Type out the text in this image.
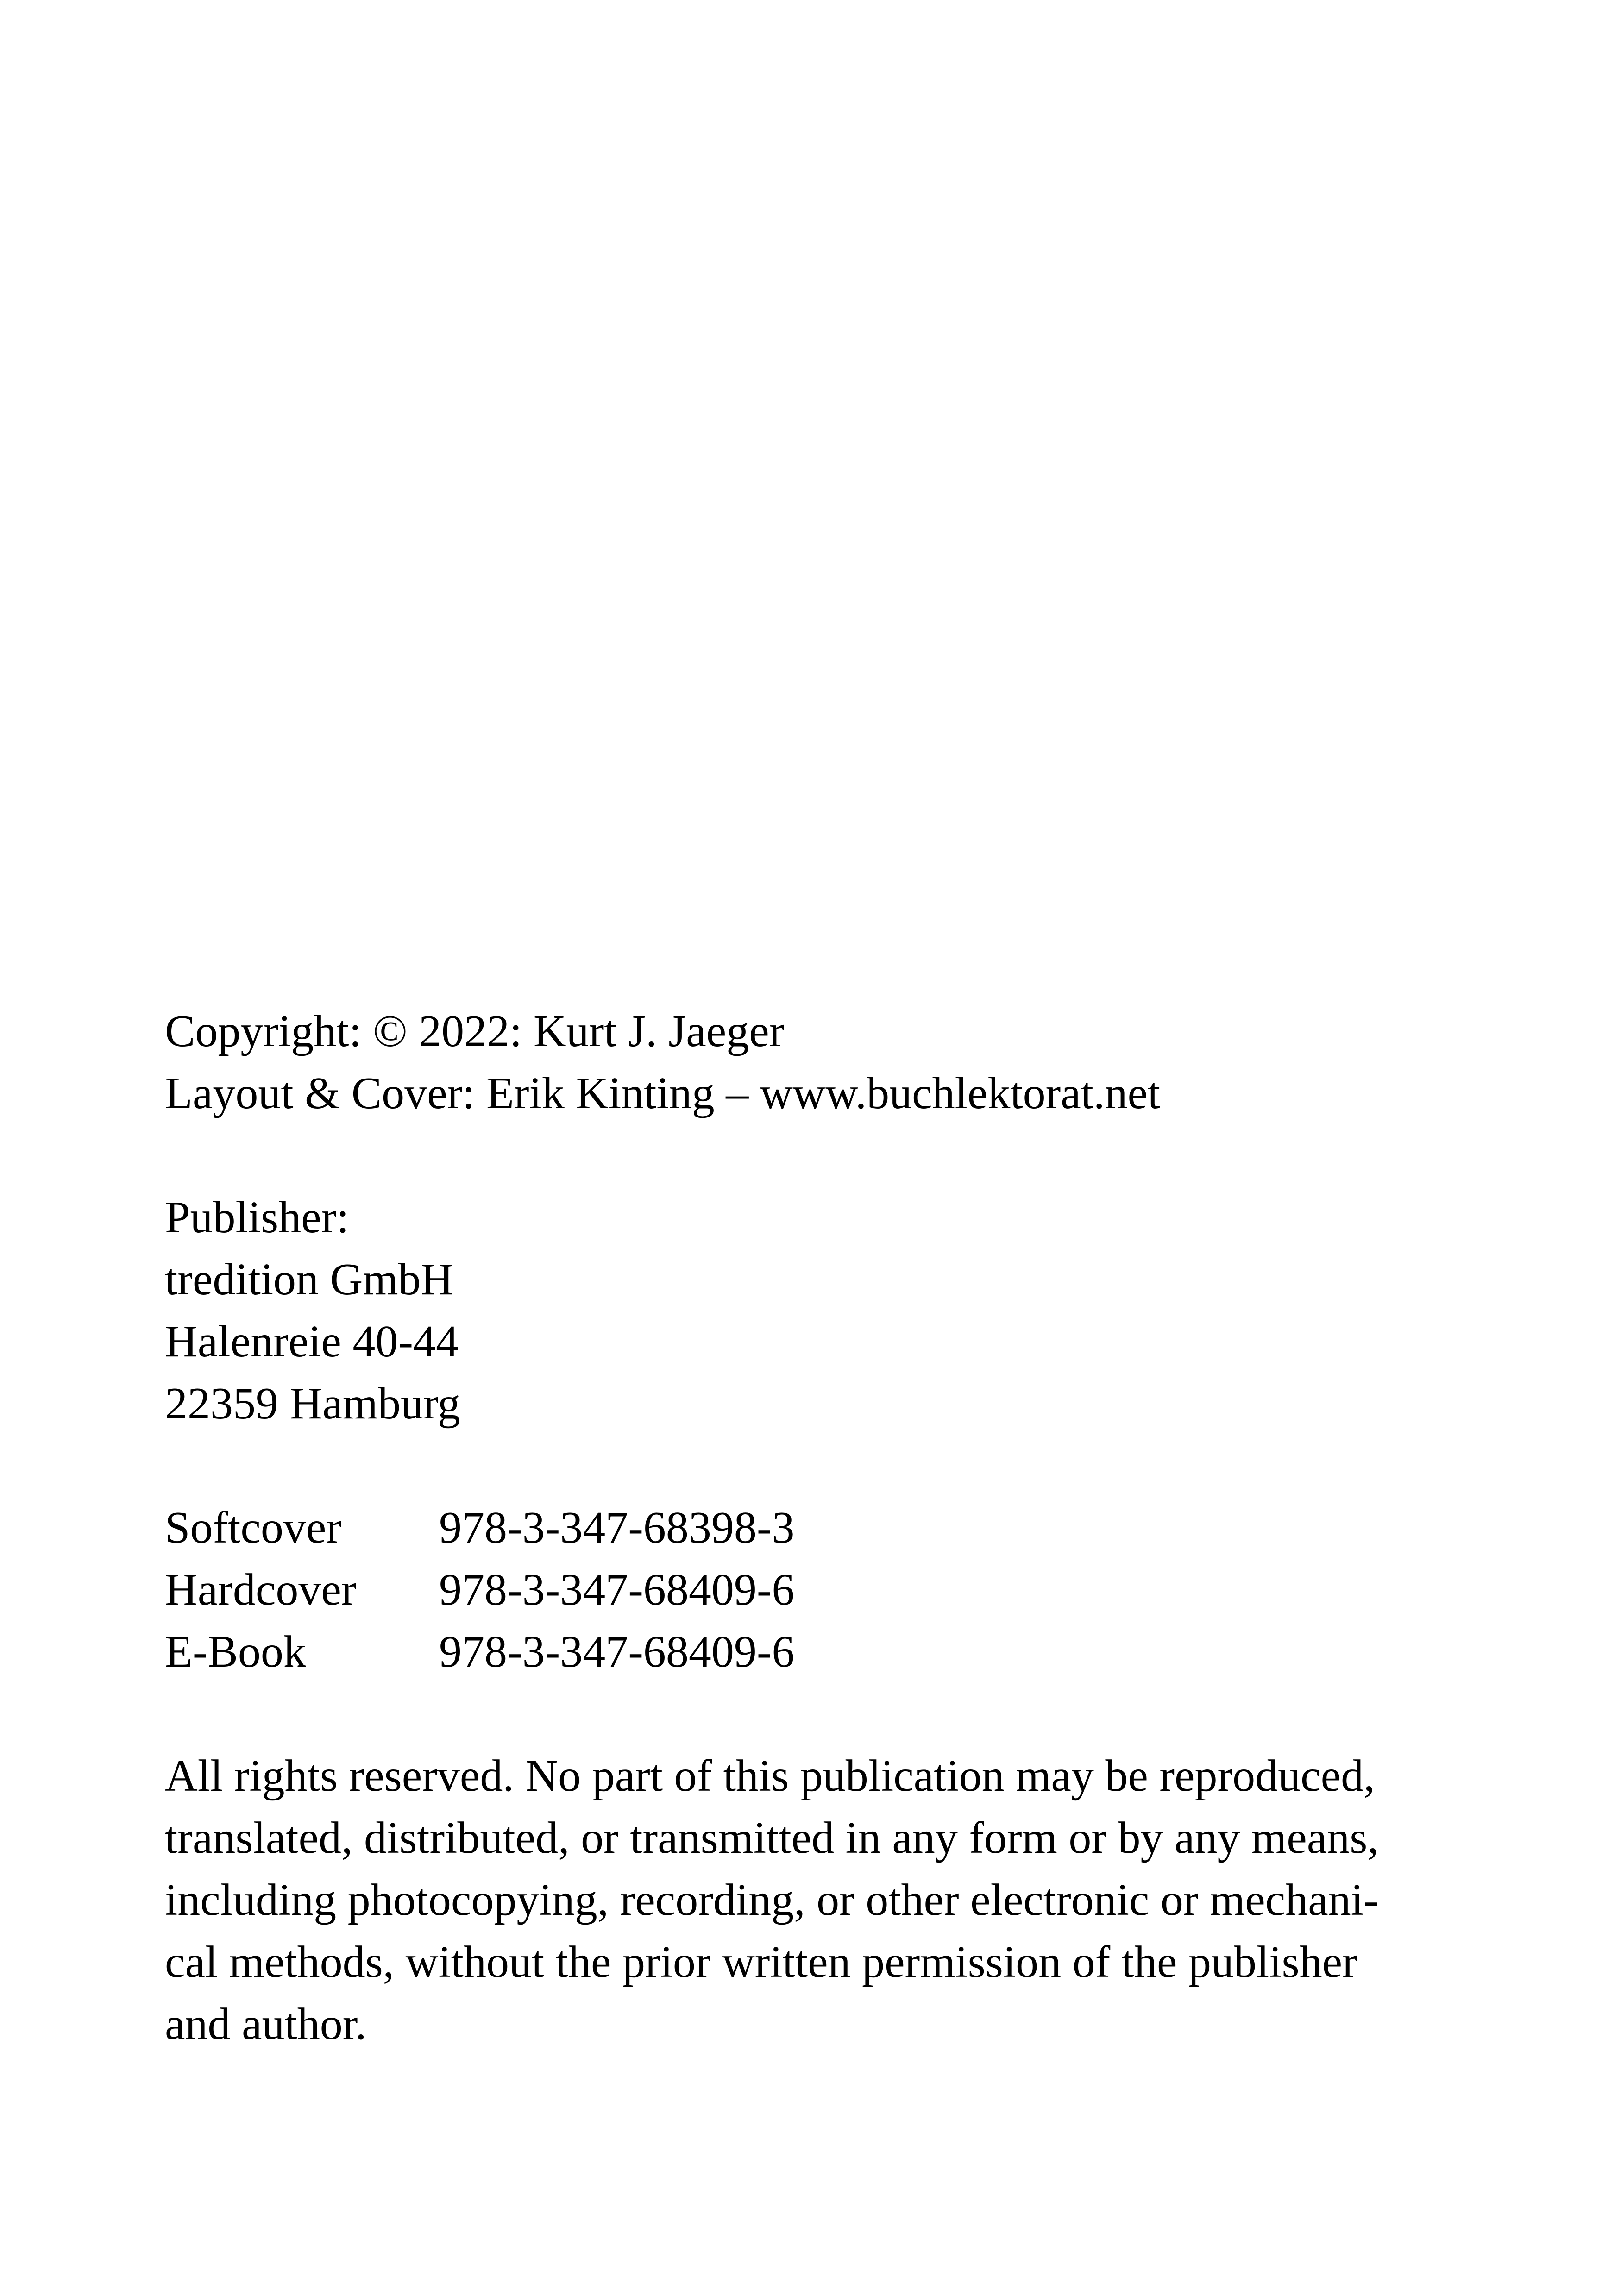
Copyright: © 2022: Kurt J. Jaeger
Layout & Cover: Erik Kinting – www.buchlektorat.net
Publisher:
tredition GmbH
Halenreie 40-44
22359 Hamburg
Softcover 978-3-347-68398-3
Hardcover 978-3-347-68409-6
E-Book	978-3-347-68409-6
All rights reserved. No part of this publication may be reproduced,
translated, distributed, or transmitted in any form or by any means,
including photocopying, recording, or other electronic or mechani-
cal methods, without the prior written permission of the publisher
and author.
